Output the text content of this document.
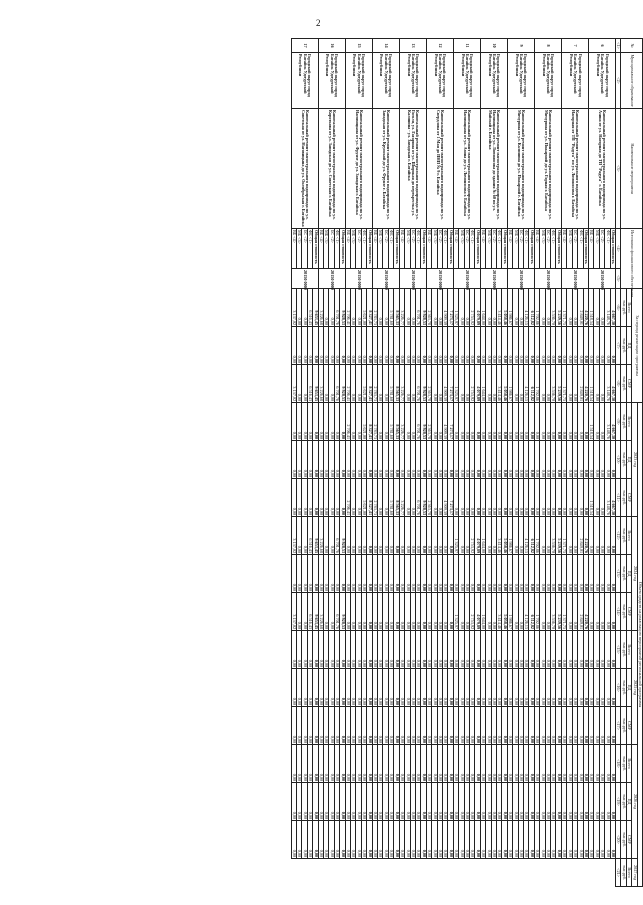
2
№	Муниципальное образование	Наименование мероприятия	Источники финансового обеспечения		За период реализации программы			Объем средств на реализацию мероприятий региональной программы												
								2023 год			2024 год			2025 год			2026 год			2027 год
					Всего	ПД	СМР	Всего	ПД	СМР	Всего	ПД	СМР	Всего	ПД	СМР	Всего	ПД	СМР	Всего
					тыс.руб.	тыс.руб.	тыс.руб.	тыс.руб.	тыс.руб.	тыс.руб.	тыс.руб.	тыс.руб.	тыс.руб.	тыс.руб.	тыс.руб.	тыс.руб.	тыс.руб.	тыс.руб.	тыс.руб.	тыс.руб.
<1>	<2>	<3>	<4>	<5>	<6>	<7>	<8>	<9>	<10>	<11>	<12>	<13>	<14>	<15>	<16>	<17>	<18>	<19>	<20>	<21>
6	Городской округ город Батайск Удмуртской Республики	Капитальный ремонт магистрального водопровода по ул. Азина от ул. Нагорная до ТП "Радуга" г. Батайска	Общая стоимость	20150 0000	4 667,30	0,00	4 667,30	4 667,30	0,00	4 667,30	0,00	0,00	0,00	0,00	0,00	0,00	0,00	0,00	0,00	
			ФБ <1>		3 148,76	0,00	3 148,76	3 148,76	0,00	3 148,76	0,00	0,00	0,00	0,00	0,00	0,00	0,00	0,00	0,00	
			БС <2>		0,00	0,00	0,00	0,00	0,00	0,00	0,00	0,00	0,00	0,00	0,00	0,00	0,00	0,00	0,00	
			МБ <3>		0,00	0,00	0,00	0,00	0,00	0,00	0,00	0,00	0,00	0,00	0,00	0,00	0,00	0,00	0,00	
			ВБ <4>		1 518,54	0,00	1 518,54	1 518,54	0,00	1 518,54	0,00	0,00	0,00	0,00	0,00	0,00	0,00	0,00	0,00	
7	Городской округ город Батайск Удмуртской Республики	Капитальный ремонт магистрального водопровода по ул. Нагорная от ТП "Радуга" по ул. Ломоносова г. Батайска	Общая стоимость	20150 0000	4 220,76	0,00	4 220,76	0,00	0,00	0,00	4 220,76	0,00	4 220,76	0,00	0,00	0,00	0,00	0,00	0,00	
			ФБ <1>		2 849,01	0,00	2 849,01	0,00	0,00	0,00	2 849,01	0,00	2 849,01	0,00	0,00	0,00	0,00	0,00	0,00	
			БС <2>		0,00	0,00	0,00	0,00	0,00	0,00	0,00	0,00	0,00	0,00	0,00	0,00	0,00	0,00	0,00	
			МБ <3>		0,00	0,00	0,00	0,00	0,00	0,00	0,00	0,00	0,00	0,00	0,00	0,00	0,00	0,00	0,00	
			ВБ <4>		1 371,75	0,00	1 371,75	0,00	0,00	0,00	1 371,75	0,00	1 371,75	0,00	0,00	0,00	0,00	0,00	0,00	
8	Городской округ город Батайск Удмуртской Республики	Капитальный ремонт магистрального водопровода по ул. Мичурина от ул. Пожарной до ул. Горная г. Батайска	Общая стоимость	20150 0000	5 239,56	0,00	5 239,56	0,00	0,00	0,00	5 239,56	0,00	5 239,56	0,00	0,00	0,00	0,00	0,00	0,00	
			ФБ <1>		3 536,70	0,00	3 536,70	0,00	0,00	0,00	3 536,70	0,00	3 536,70	0,00	0,00	0,00	0,00	0,00	0,00	
			БС <2>		0,00	0,00	0,00	0,00	0,00	0,00	0,00	0,00	0,00	0,00	0,00	0,00	0,00	0,00	0,00	
			МБ <3>		0,00	0,00	0,00	0,00	0,00	0,00	0,00	0,00	0,00	0,00	0,00	0,00	0,00	0,00	0,00	
			ВБ <4>		1 702,86	0,00	1 702,86	0,00	0,00	0,00	1 702,86	0,00	1 702,86	0,00	0,00	0,00	0,00	0,00	0,00	
9	Городской округ город Батайск Удмуртской Республики	Капитальный ремонт магистрального водопровода по ул. Мичурина от ул. Калинина до ул. Пожарной г. Батайска	Общая стоимость	20150 0000	6 112,82	0,00	6 112,82	0,00	0,00	0,00	6 112,82	0,00	6 112,82	0,00	0,00	0,00	0,00	0,00	0,00	
			ФБ <1>		4 126,15	0,00	4 126,15	0,00	0,00	0,00	4 126,15	0,00	4 126,15	0,00	0,00	0,00	0,00	0,00	0,00	
			БС <2>		0,00	0,00	0,00	0,00	0,00	0,00	0,00	0,00	0,00	0,00	0,00	0,00	0,00	0,00	0,00	
			МБ <3>		0,00	0,00	0,00	0,00	0,00	0,00	0,00	0,00	0,00	0,00	0,00	0,00	0,00	0,00	0,00	
			ВБ <4>		1 986,67	0,00	1 986,67	0,00	0,00	0,00	1 986,67	0,00	1 986,67	0,00	0,00	0,00	0,00	0,00	0,00	
10	Городской округ город Батайск Удмуртской Республики	Капитальный ремонт магистрального водопровода по ул. Наговицына от ул. Ломоносова до здания № 60 по ул. Майской г. Батайска	Общая стоимость	20150 0000	5 058,46	0,00	5 058,46	0,00	0,00	0,00	5 058,46	0,00	5 058,46	0,00	0,00	0,00	0,00	0,00	0,00	
			ФБ <1>		3 414,46	0,00	3 414,46	0,00	0,00	0,00	3 414,46	0,00	3 414,46	0,00	0,00	0,00	0,00	0,00	0,00	
			БС <2>		0,00	0,00	0,00	0,00	0,00	0,00	0,00	0,00	0,00	0,00	0,00	0,00	0,00	0,00	0,00	
			МБ <3>		0,00	0,00	0,00	0,00	0,00	0,00	0,00	0,00	0,00	0,00	0,00	0,00	0,00	0,00	0,00	
			ВБ <4>		1 644,00	0,00	1 644,00	0,00	0,00	0,00	1 644,00	0,00	1 644,00	0,00	0,00	0,00	0,00	0,00	0,00	
11	Городской округ город Батайск Удмуртской Республики	Капитальный ремонт магистрального водопровода по ул. Наговицына от ул. Азина до ул. Ломоносова г. Батайска	Общая стоимость	20150 0000	4 079,89	0,00	4 079,89	0,00	0,00	0,00	4 079,89	0,00	4 079,89	0,00	0,00	0,00	0,00	0,00	0,00	
			ФБ <1>		2 753,92	0,00	2 753,92	0,00	0,00	0,00	2 753,92	0,00	2 753,92	0,00	0,00	0,00	0,00	0,00	0,00	
			БС <2>		0,00	0,00	0,00	0,00	0,00	0,00	0,00	0,00	0,00	0,00	0,00	0,00	0,00	0,00	0,00	
			МБ <3>		0,00	0,00	0,00	0,00	0,00	0,00	0,00	0,00	0,00	0,00	0,00	0,00	0,00	0,00	0,00	
			ВБ <4>		1 325,97	0,00	1 325,97	0,00	0,00	0,00	1 325,97	0,00	1 325,97	0,00	0,00	0,00	0,00	0,00	0,00	
12	Городской округ город Батайск Удмуртской Республики	Капитальный ремонт магистрального водопровода по ул. Свердлова от 1 Мая до ПНП № 9 г. Батайска	Общая стоимость	20150 0000	7 273,17	0,00	7 273,17	7 273,17	0,00	7 273,17	0,00	0,00	0,00	0,00	0,00	0,00	0,00	0,00	0,00	
			ФБ <1>		4 909,39	0,00	4 909,39	4 909,39	0,00	4 909,39	0,00	0,00	0,00	0,00	0,00	0,00	0,00	0,00	0,00	
			БС <2>		0,00	0,00	0,00	0,00	0,00	0,00	0,00	0,00	0,00	0,00	0,00	0,00	0,00	0,00	0,00	
			МБ <3>		0,00	0,00	0,00	0,00	0,00	0,00	0,00	0,00	0,00	0,00	0,00	0,00	0,00	0,00	0,00	
			ВБ <4>		2 363,78	0,00	2 363,78	2 363,78	0,00	2 363,78	0,00	0,00	0,00	0,00	0,00	0,00	0,00	0,00	0,00	
13	Городской округ город Батайск Удмуртской Республики	Капитальный ремонт магистрального водопровода по ул. Гоголя, ул. Гагарина от ул. Широкая до перекрестка ул. Калинина - ул. Заводская г. Батайска	Общая стоимость	20150 0000	9 928,53	0,00	9 928,53	9 928,53	0,00	9 928,53	0,00	0,00	0,00	0,00	0,00	0,00	0,00	0,00	0,00	
			ФБ <1>		6 701,76	0,00	6 701,76	6 701,76	0,00	6 701,76	0,00	0,00	0,00	0,00	0,00	0,00	0,00	0,00	0,00	
			БС <2>		0,00	0,00	0,00	0,00	0,00	0,00	0,00	0,00	0,00	0,00	0,00	0,00	0,00	0,00	0,00	
			МБ <3>		0,00	0,00	0,00	0,00	0,00	0,00	0,00	0,00	0,00	0,00	0,00	0,00	0,00	0,00	0,00	
			ВБ <4>		3 226,77	0,00	3 226,77	3 226,77	0,00	3 226,77	0,00	0,00	0,00	0,00	0,00	0,00	0,00	0,00	0,00	
14	Городской округ город Батайск Удмуртской Республики	Капитальный ремонт магистрального водопровода по ул. Заводская от ул. Крупской до ул. Фрунзе г. Батайска	Общая стоимость	20150 0000	8 565,33	0,00	8 565,33	8 565,33	0,00	8 565,33	0,00	0,00	0,00	0,00	0,00	0,00	0,00	0,00	0,00	
			ФБ <1>		5 781,60	0,00	5 781,60	5 781,60	0,00	5 781,60	0,00	0,00	0,00	0,00	0,00	0,00	0,00	0,00	0,00	
			БС <2>		0,00	0,00	0,00	0,00	0,00	0,00	0,00	0,00	0,00	0,00	0,00	0,00	0,00	0,00	0,00	
			МБ <3>		0,00	0,00	0,00	0,00	0,00	0,00	0,00	0,00	0,00	0,00	0,00	0,00	0,00	0,00	0,00	
			ВБ <4>		2 783,73	0,00	2 783,73	2 783,73	0,00	2 783,73	0,00	0,00	0,00	0,00	0,00	0,00	0,00	0,00	0,00	
15	Городской округ город Батайск Удмуртской Республики	Капитальный ремонт магистрального водопровода по ул. Наговицына от ул. Фрунзе до ул. Заводская г. Батайска	Общая стоимость	20150 0000	8 327,41	0,00	8 327,41	8 327,41	0,00	8 327,41	0,00	0,00	0,00	0,00	0,00	0,00	0,00	0,00	0,00	
			ФБ <1>		5 621,00	0,00	5 621,00	5 621,00	0,00	5 621,00	0,00	0,00	0,00	0,00	0,00	0,00	0,00	0,00	0,00	
			БС <2>		0,00	0,00	0,00	0,00	0,00	0,00	0,00	0,00	0,00	0,00	0,00	0,00	0,00	0,00	0,00	
			МБ <3>		0,00	0,00	0,00	0,00	0,00	0,00	0,00	0,00	0,00	0,00	0,00	0,00	0,00	0,00	0,00	
			ВБ <4>		2 706,41	0,00	2 706,41	2 706,41	0,00	2 706,41	0,00	0,00	0,00	0,00	0,00	0,00	0,00	0,00	0,00	
16	Городской округ город Батайск Удмуртской Республики	Капитальный ремонт магистрального водопровода по ул. Короткова от ул. Заводская до ул. Советская г. Батайска	Общая стоимость	20150 0000	9 928,53	0,00	9 928,53	0,00	0,00	0,00	9 928,53	0,00	9 928,53	0,00	0,00	0,00	0,00	0,00	0,00	
			ФБ <1>		6 701,76	0,00	6 701,76	0,00	0,00	0,00	6 701,76	0,00	6 701,76	0,00	0,00	0,00	0,00	0,00	0,00	
			БС <2>		0,00	0,00	0,00	0,00	0,00	0,00	0,00	0,00	0,00	0,00	0,00	0,00	0,00	0,00	0,00	
			МБ <3>		0,00	0,00	0,00	0,00	0,00	0,00	0,00	0,00	0,00	0,00	0,00	0,00	0,00	0,00	0,00	
			ВБ <4>		3 226,68	0,00	3 226,68	0,00	0,00	0,00	3 226,68	0,00	3 226,68	0,00	0,00	0,00	0,00	0,00	0,00	
17	Городской округ город Батайск Удмуртской Республики	Капитальный ремонт магистрального водопровода по ул. Советская от ул. Наговицына до ул. Октябрьская г. Батайска	Общая стоимость	20150 0000	9 653,45	0,00	9 653,45	0,00	0,00	0,00	9 653,45	0,00	9 653,45	0,00	0,00	0,00	0,00	0,00	0,00	
			ФБ <1>		6 516,43	0,00	6 516,43	0,00	0,00	0,00	6 516,43	0,00	6 516,43	0,00	0,00	0,00	0,00	0,00	0,00	
			БС <2>		0,00	0,00	0,00	0,00	0,00	0,00	0,00	0,00	0,00	0,00	0,00	0,00	0,00	0,00	0,00	
			МБ <3>		0,00	0,00	0,00	0,00	0,00	0,00	0,00	0,00	0,00	0,00	0,00	0,00	0,00	0,00	0,00	
			ВБ <4>		3 137,02	0,00	3 137,02	0,00	0,00	0,00	3 137,02	0,00	3 137,02	0,00	0,00	0,00	0,00	0,00	0,00	
